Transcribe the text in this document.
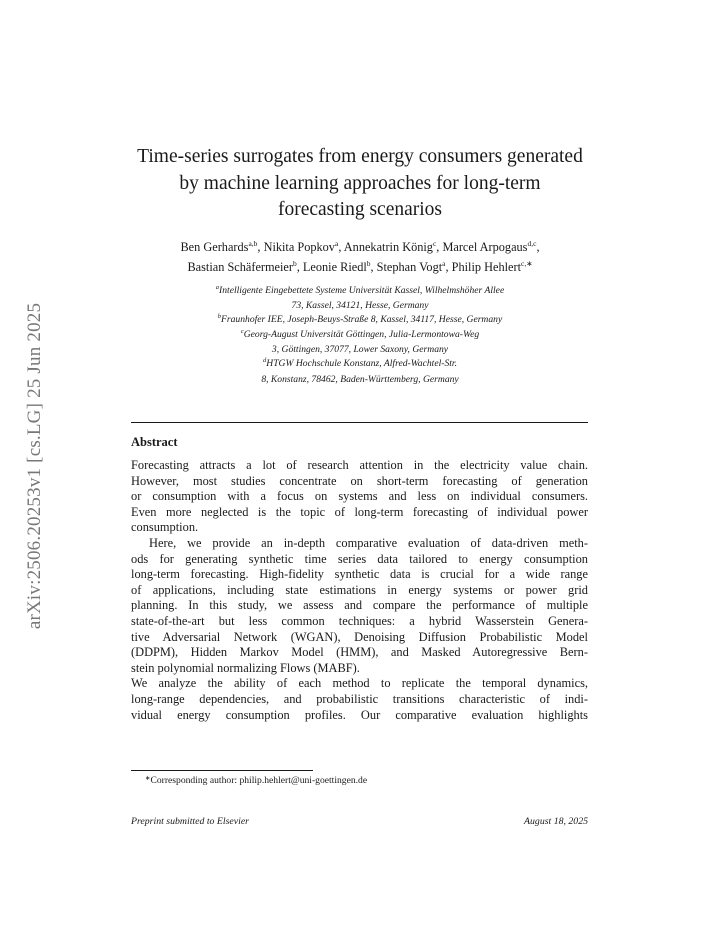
arXiv:2506.20253v1 [cs.LG] 25 Jun 2025
Time-series surrogates from energy consumers generated
by machine learning approaches for long-term
forecasting scenarios
Ben Gerhards$^{a,b}$, Nikita Popkov$^a$, Annekatrin König$^c$, Marcel Arpogaus$^{d,c}$,
Bastian Schäfermeier$^b$, Leonie Riedl$^b$, Stephan Vogt$^a$, Philip Hehlert$^{c,∗}$
$^a$Intelligente Eingebettete Systeme Universität Kassel, Wilhelmshöher Allee
73, Kassel, 34121, Hesse, Germany
$^b$Fraunhofer IEE, Joseph-Beuys-Straße 8, Kassel, 34117, Hesse, Germany
$^c$Georg-August Universität Göttingen, Julia-Lermontowa-Weg
3, Göttingen, 37077, Lower Saxony, Germany
$^d$HTGW Hochschule Konstanz, Alfred-Wachtel-Str.
8, Konstanz, 78462, Baden-Württemberg, Germany
Abstract
Forecasting attracts a lot of research attention in the electricity value chain.
However, most studies concentrate on short-term forecasting of generation
or consumption with a focus on systems and less on individual consumers.
Even more neglected is the topic of long-term forecasting of individual power
consumption.
Here, we provide an in-depth comparative evaluation of data-driven meth-
ods for generating synthetic time series data tailored to energy consumption
long-term forecasting. High-fidelity synthetic data is crucial for a wide range
of applications, including state estimations in energy systems or power grid
planning. In this study, we assess and compare the performance of multiple
state-of-the-art but less common techniques: a hybrid Wasserstein Genera-
tive Adversarial Network (WGAN), Denoising Diffusion Probabilistic Model
(DDPM), Hidden Markov Model (HMM), and Masked Autoregressive Bern-
stein polynomial normalizing Flows (MABF).
We analyze the ability of each method to replicate the temporal dynamics,
long-range dependencies, and probabilistic transitions characteristic of indi-
vidual energy consumption profiles. Our comparative evaluation highlights
∗Corresponding author: philip.hehlert@uni-goettingen.de
Preprint submitted to Elsevier	August 18, 2025
